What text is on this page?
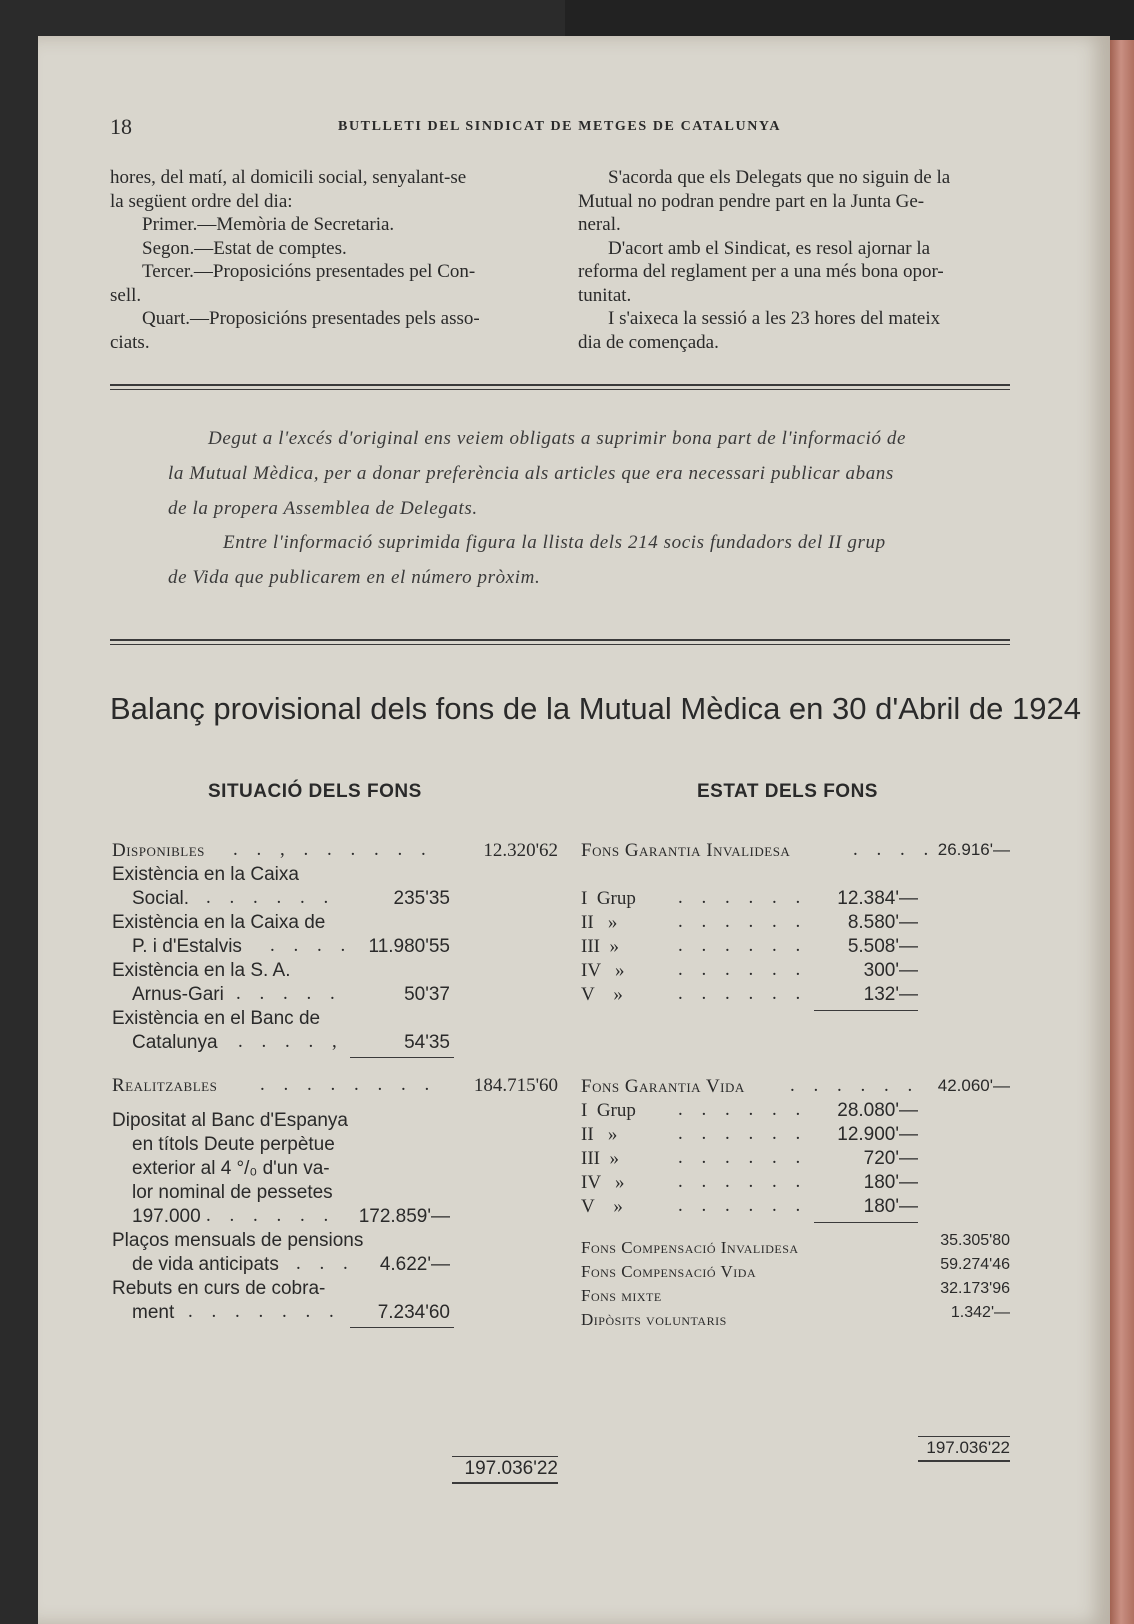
18	BUTLLETI DEL SINDICAT DE METGES DE CATALUNYA
hores, del matí, al domicili social, senyalant-se
la següent ordre del dia:
Primer.—Memòria de Secretaria.
Segon.—Estat de comptes.
Tercer.—Proposicións presentades pel Con-
sell.
Quart.—Proposicións presentades pels asso-
ciats.
S'acorda que els Delegats que no siguin de la
Mutual no podran pendre part en la Junta Ge-
neral.
D'acort amb el Sindicat, es resol ajornar la
reforma del reglament per a una més bona opor-
tunitat.
I s'aixeca la sessió a les 23 hores del mateix
dia de començada.
Degut a l'excés d'original ens veiem obligats a suprimir bona part de l'informació de
la Mutual Mèdica, per a donar preferència als articles que era necessari publicar abans
de la propera Assemblea de Delegats.
Entre l'informació suprimida figura la llista dels 214 socis fundadors del II grup
de Vida que publicarem en el número pròxim.
Balanç provisional dels fons de la Mutual Mèdica en 30 d'Abril de 1924
SITUACIÓ DELS FONS	ESTAT DELS FONS
Disponibles . . , . . . . . .	12.320'62
Existència en la Caixa
Social. . . . . . .	235'35
Existència en la Caixa de
P. i d'Estalvis . . . . 11.980'55
Existència en la S. A.
Arnus-Gari . . . . .	50'37
Existència en el Banc de
Catalunya . . . . ,	54'35
Realitzables . . . . . . . .	184.715'60
Dipositat al Banc d'Espanya
en títols Deute perpètue
exterior al 4 °/₀ d'un va-
lor nominal de pessetes
197.000 . . . . . . 172.859'—
Plaços mensuals de pensions
de vida anticipats . . .	4.622'—
Rebuts en curs de cobra-
ment . . . . . . .	7.234'60
197.036'22
Fons Garantia Invalidesa	. . . . 26.916'—
I  Grup . . . . . .	12.384'—
II   »	. . . . . .	8.580'—
III  »	. . . . . .	5.508'—
IV   »	. . . . . .	300'—
V    »	. . . . . .	132'—
Fons Garantia Vida . . . . . .	42.060'—
I  Grup . . . . . .	28.080'—
II   »	. . . . . .	12.900'—
III  »	. . . . . .	720'—
IV   »	. . . . . .	180'—
V    »	. . . . . .	180'—
Fons Compensació Invalidesa	35.305'80
Fons Compensació Vida	59.274'46
Fons mixte	32.173'96
Dipòsits voluntaris	1.342'—
197.036'22
